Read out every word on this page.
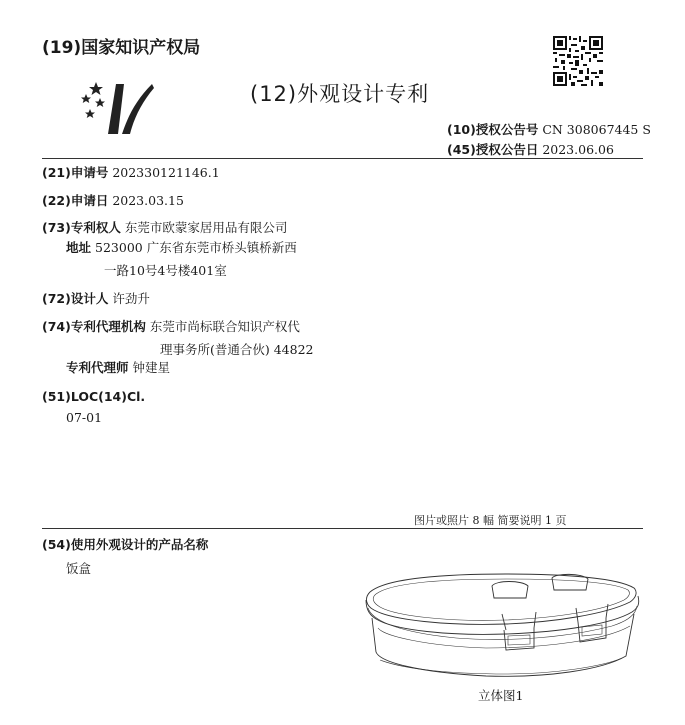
(19)国家知识产权局
(12)外观设计专利
(10)授权公告号 CN 308067445 S
(45)授权公告日 2023.06.06
(21)申请号 202330121146.1
(22)申请日 2023.03.15
(73)专利权人 东莞市欧蒙家居用品有限公司
地址 523000 广东省东莞市桥头镇桥新西
一路10号4号楼401室
(72)设计人 许劲升
(74)专利代理机构 东莞市尚标联合知识产权代
理事务所(普通合伙) 44822
专利代理师 钟建星
(51)LOC(14)Cl.
07-01
图片或照片 8 幅 简要说明 1 页
(54)使用外观设计的产品名称
饭盒
立体图1
